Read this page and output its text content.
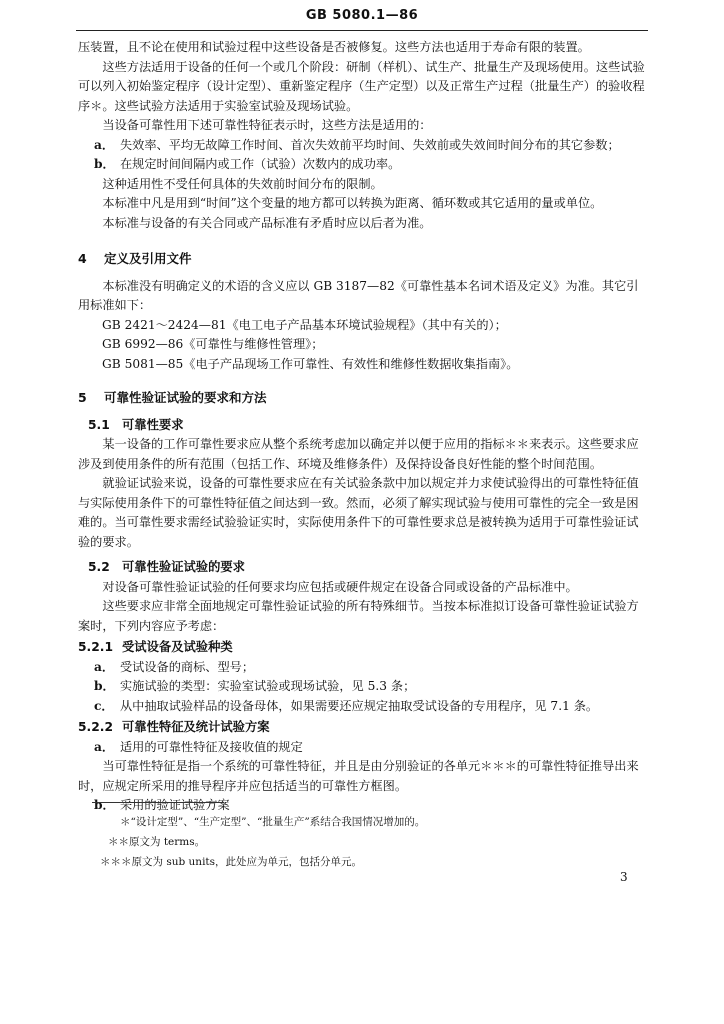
GB 5080.1—86

压装置，且不论在使用和试验过程中这些设备是否被修复。这些方法也适用于寿命有限的装置。

这些方法适用于设备的任何一个或几个阶段：研制（样机）、试生产、批量生产及现场使用。这些试验可以列入初始鉴定程序（设计定型）、重新鉴定程序（生产定型）以及正常生产过程（批量生产）的验收程序＊。这些试验方法适用于实验室试验及现场试验。

当设备可靠性用下述可靠性特征表示时，这些方法是适用的：

a． 失效率、平均无故障工作时间、首次失效前平均时间、失效前或失效间时间分布的其它参数；
b． 在规定时间间隔内或工作（试验）次数内的成功率。

这种适用性不受任何具体的失效前时间分布的限制。

本标准中凡是用到“时间”这个变量的地方都可以转换为距离、循环数或其它适用的量或单位。

本标准与设备的有关合同或产品标准有矛盾时应以后者为准。

4 定义及引用文件

本标准没有明确定义的术语的含义应以 GB 3187—82《可靠性基本名词术语及定义》为准。其它引用标准如下：

GB 2421～2424—81《电工电子产品基本环境试验规程》（其中有关的）；

GB 6992—86《可靠性与维修性管理》；

GB 5081—85《电子产品现场工作可靠性、有效性和维修性数据收集指南》。

5 可靠性验证试验的要求和方法
5.1 可靠性要求

某一设备的工作可靠性要求应从整个系统考虑加以确定并以便于应用的指标＊＊来表示。这些要求应涉及到使用条件的所有范围（包括工作、环境及维修条件）及保持设备良好性能的整个时间范围。

就验证试验来说，设备的可靠性要求应在有关试验条款中加以规定并力求使试验得出的可靠性特征值与实际使用条件下的可靠性特征值之间达到一致。然而，必须了解实现试验与使用可靠性的完全一致是困难的。当可靠性要求需经试验验证实时，实际使用条件下的可靠性要求总是被转换为适用于可靠性验证试验的要求。

5.2 可靠性验证试验的要求

对设备可靠性验证试验的任何要求均应包括或硬件规定在设备合同或设备的产品标准中。

这些要求应非常全面地规定可靠性验证试验的所有特殊细节。当按本标准拟订设备可靠性验证试验方案时，下列内容应予考虑：

5.2.1 受试设备及试验种类
a． 受试设备的商标、型号；
b． 实施试验的类型：实验室试验或现场试验，见 5.3 条；
c． 从中抽取试验样品的设备母体，如果需要还应规定抽取受试设备的专用程序，见 7.1 条。
5.2.2 可靠性特征及统计试验方案
a． 适用的可靠性特征及接收值的规定

当可靠性特征是指一个系统的可靠性特征，并且是由分别验证的各单元＊＊＊的可靠性特征推导出来时，应规定所采用的推导程序并应包括适当的可靠性方框图。

b． 采用的验证试验方案

＊“设计定型”、“生产定型”、“批量生产”系结合我国情况增加的。

＊＊原文为 terms。

＊＊＊原文为 sub units，此处应为单元，包括分单元。

3
